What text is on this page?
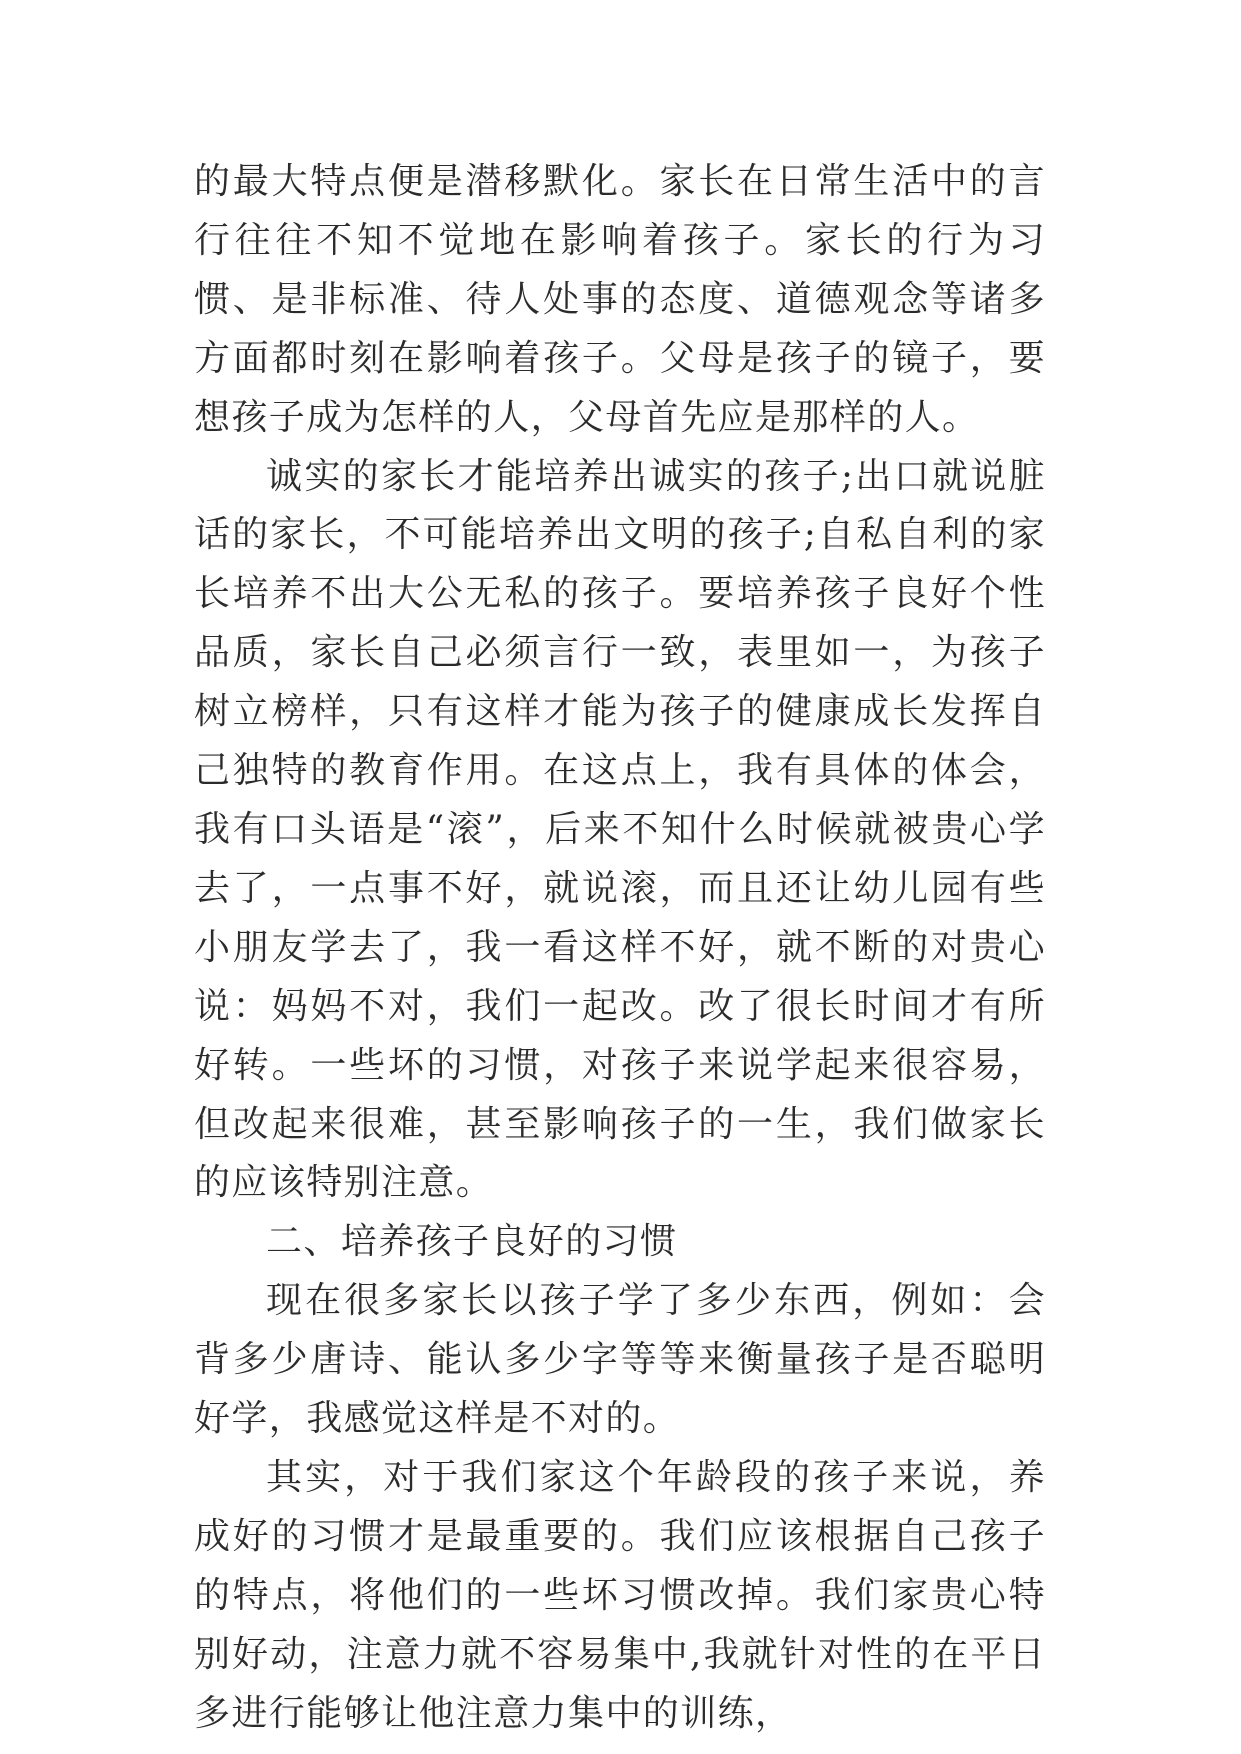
的最大特点便是潜移默化。家长在日常生活中的言行往往不知不觉地在影响着孩子。家长的行为习惯、是非标准、待人处事的态度、道德观念等诸多方面都时刻在影响着孩子。父母是孩子的镜子，要想孩子成为怎样的人，父母首先应是那样的人。

诚实的家长才能培养出诚实的孩子;出口就说脏话的家长，不可能培养出文明的孩子;自私自利的家长培养不出大公无私的孩子。要培养孩子良好个性品质，家长自己必须言行一致，表里如一，为孩子树立榜样，只有这样才能为孩子的健康成长发挥自己独特的教育作用。在这点上，我有具体的体会，我有口头语是“滚”，后来不知什么时候就被贵心学去了，一点事不好，就说滚，而且还让幼儿园有些小朋友学去了，我一看这样不好，就不断的对贵心说：妈妈不对，我们一起改。改了很长时间才有所好转。一些坏的习惯，对孩子来说学起来很容易，但改起来很难，甚至影响孩子的一生，我们做家长的应该特别注意。

二、培养孩子良好的习惯

现在很多家长以孩子学了多少东西，例如：会背多少唐诗、能认多少字等等来衡量孩子是否聪明好学，我感觉这样是不对的。

其实，对于我们家这个年龄段的孩子来说，养成好的习惯才是最重要的。我们应该根据自己孩子的特点，将他们的一些坏习惯改掉。我们家贵心特别好动，注意力就不容易集中,我就针对性的在平日多进行能够让他注意力集中的训练，
